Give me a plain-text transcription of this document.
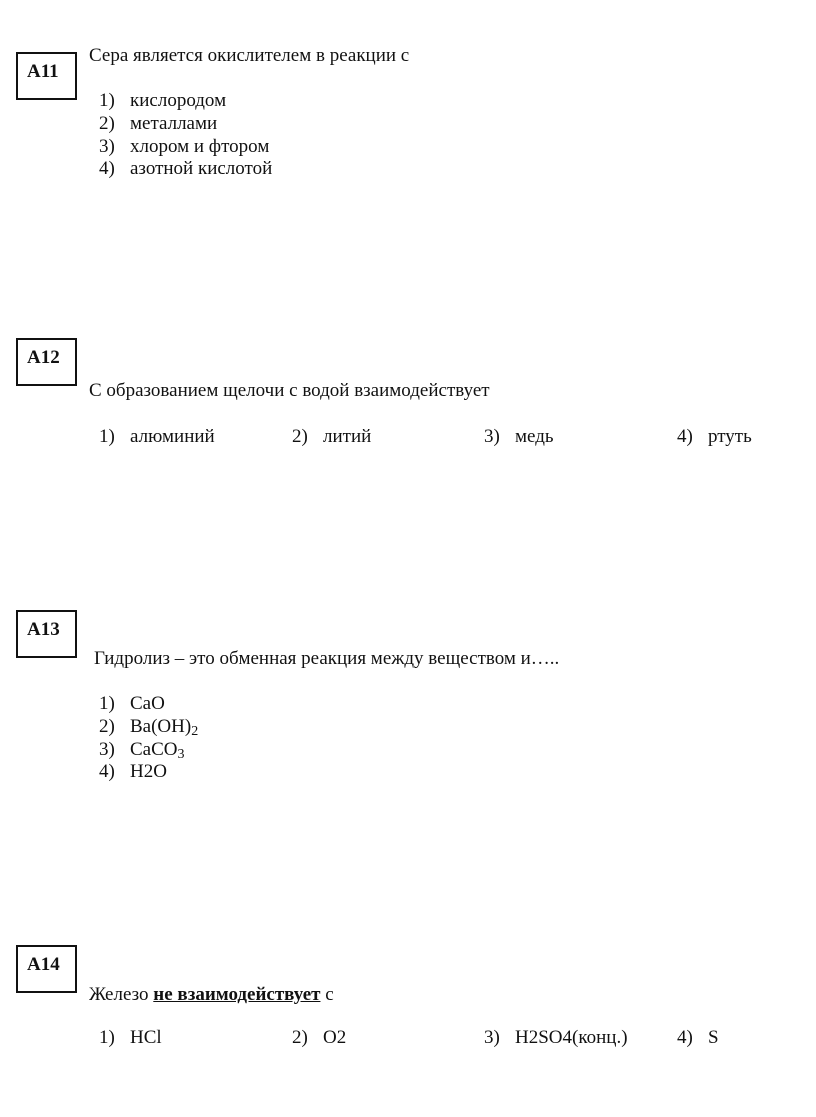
A11
Сера является окислителем в реакции с
1) кислородом
2) металлами
3) хлором и фтором
4) азотной кислотой
A12
С образованием щелочи с водой взаимодействует
1) алюминий	2) литий	3) медь	4) ртуть
A13
Гидролиз – это обменная реакция между веществом и…..
1) CaO
2) $Ba(OH)_2$
3) CaCO$_3$
4) H2O
A14
Железо не взаимодействует с
1) HCl	2) O2	3) H2SO4(конц.)	4) S
